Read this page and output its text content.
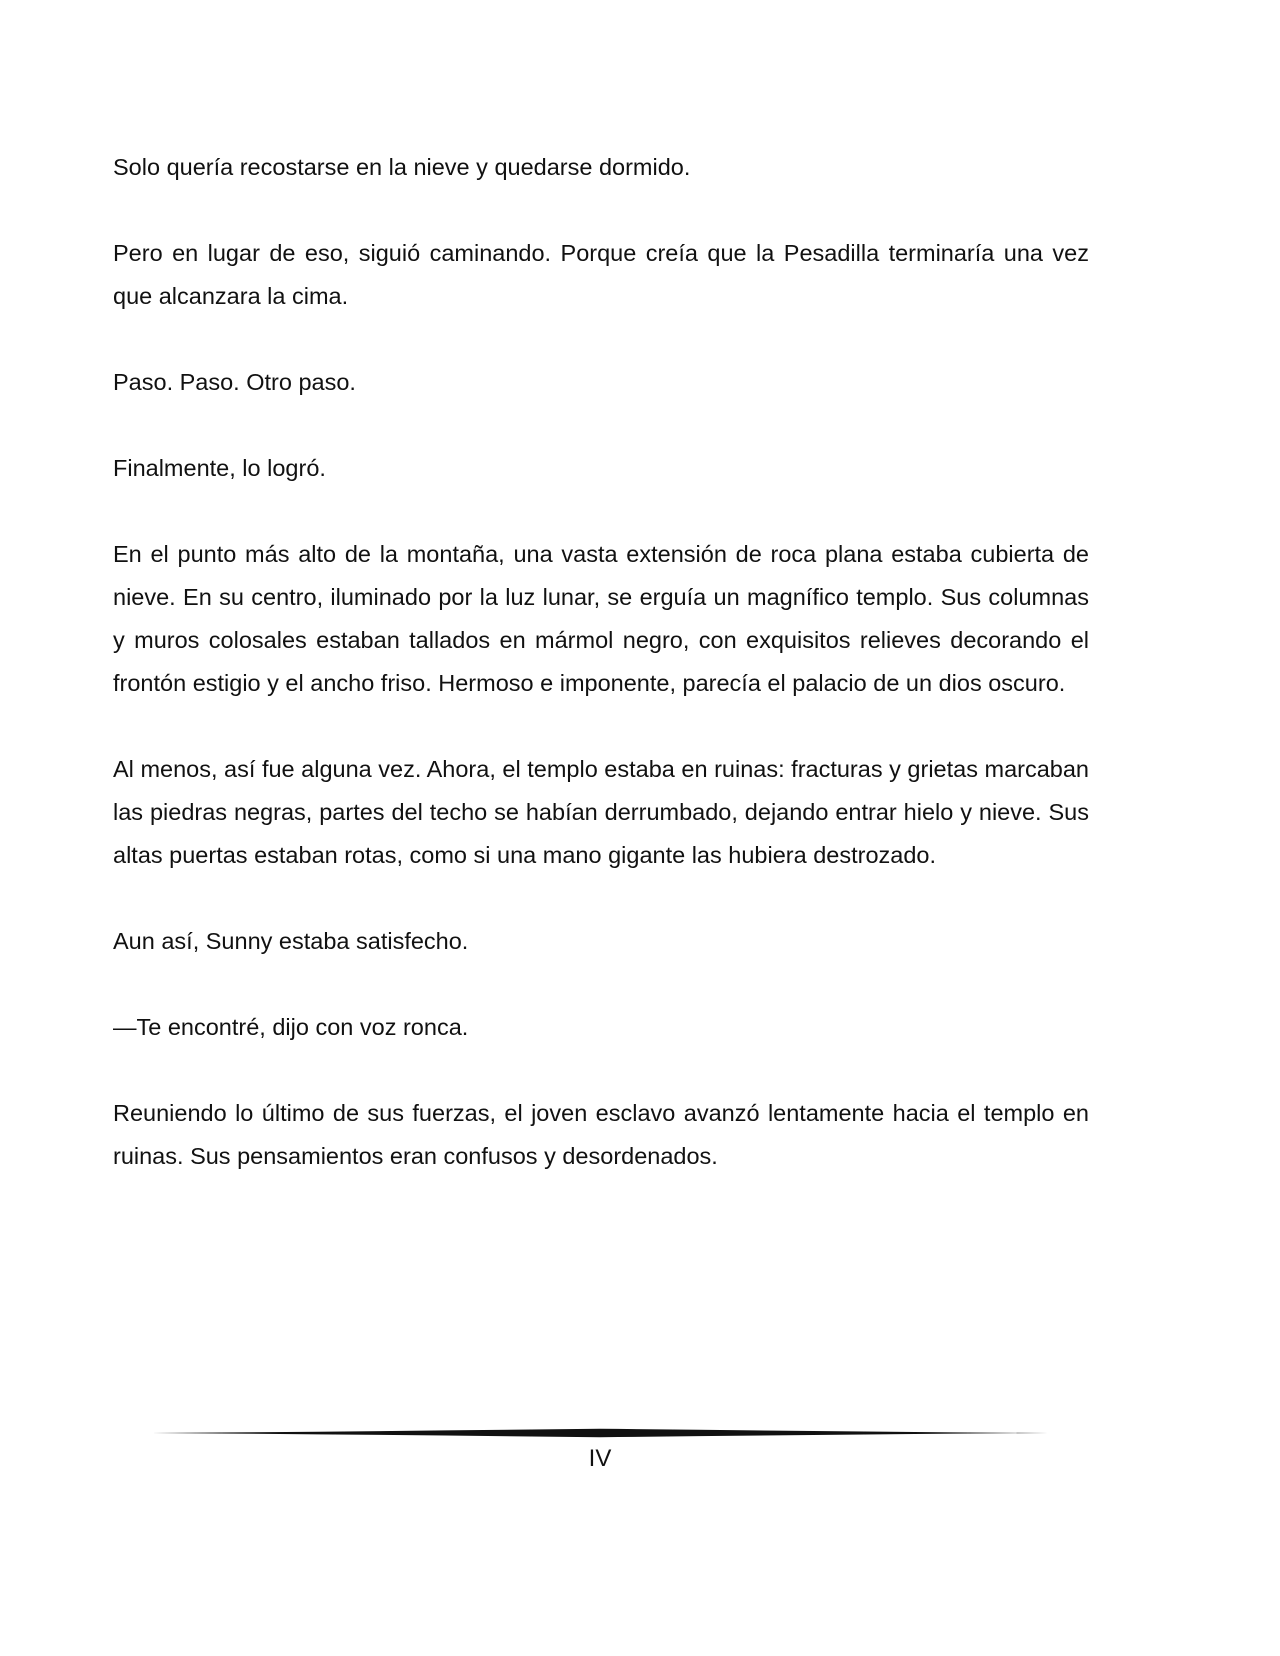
Solo quería recostarse en la nieve y quedarse dormido.

Pero en lugar de eso, siguió caminando. Porque creía que la Pesadilla terminaría una vez que alcanzara la cima.

Paso. Paso. Otro paso.

Finalmente, lo logró.

En el punto más alto de la montaña, una vasta extensión de roca plana estaba cubierta de nieve. En su centro, iluminado por la luz lunar, se erguía un magnífico templo. Sus columnas y muros colosales estaban tallados en mármol negro, con exquisitos relieves decorando el frontón estigio y el ancho friso. Hermoso e imponente, parecía el palacio de un dios oscuro.

Al menos, así fue alguna vez. Ahora, el templo estaba en ruinas: fracturas y grietas marcaban las piedras negras, partes del techo se habían derrumbado, dejando entrar hielo y nieve. Sus altas puertas estaban rotas, como si una mano gigante las hubiera destrozado.

Aun así, Sunny estaba satisfecho.

—Te encontré, dijo con voz ronca.

Reuniendo lo último de sus fuerzas, el joven esclavo avanzó lentamente hacia el templo en ruinas. Sus pensamientos eran confusos y desordenados.

IV
